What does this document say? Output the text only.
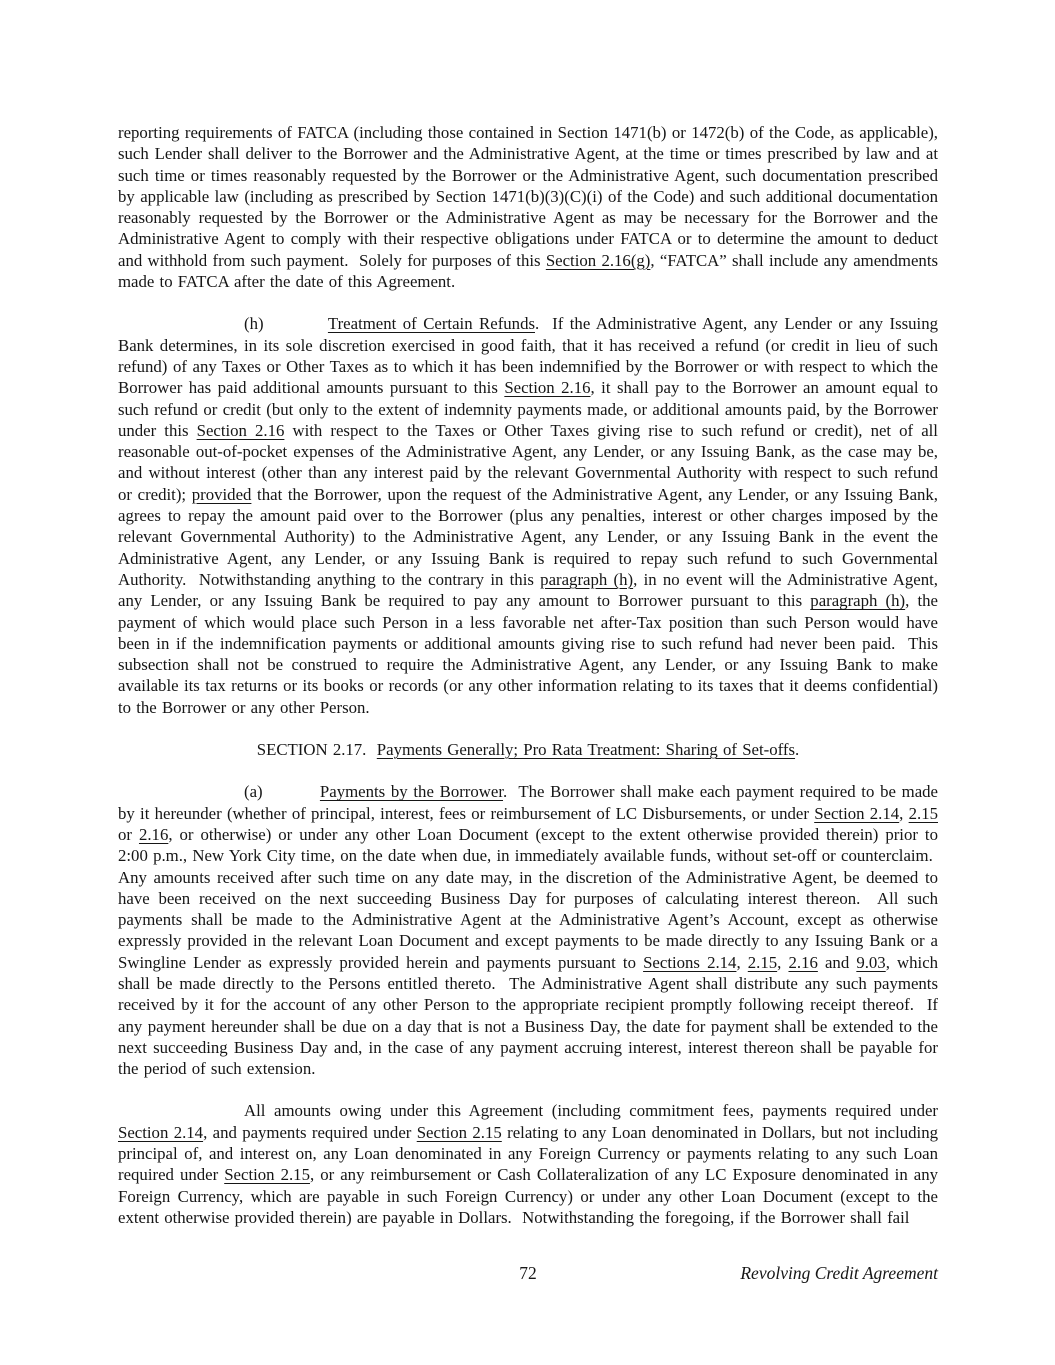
reporting requirements of FATCA (including those contained in Section 1471(b) or 1472(b) of the Code, as applicable), such Lender shall deliver to the Borrower and the Administrative Agent, at the time or times prescribed by law and at such time or times reasonably requested by the Borrower or the Administrative Agent, such documentation prescribed by applicable law (including as prescribed by Section 1471(b)(3)(C)(i) of the Code) and such additional documentation reasonably requested by the Borrower or the Administrative Agent as may be necessary for the Borrower and the Administrative Agent to comply with their respective obligations under FATCA or to determine the amount to deduct and withhold from such payment.  Solely for purposes of this Section 2.16(g), “FATCA” shall include any amendments made to FATCA after the date of this Agreement.

(h)          Treatment of Certain Refunds.  If the Administrative Agent, any Lender or any Issuing Bank determines, in its sole discretion exercised in good faith, that it has received a refund (or credit in lieu of such refund) of any Taxes or Other Taxes as to which it has been indemnified by the Borrower or with respect to which the Borrower has paid additional amounts pursuant to this Section 2.16, it shall pay to the Borrower an amount equal to such refund or credit (but only to the extent of indemnity payments made, or additional amounts paid, by the Borrower under this Section 2.16 with respect to the Taxes or Other Taxes giving rise to such refund or credit), net of all reasonable out-of-pocket expenses of the Administrative Agent, any Lender, or any Issuing Bank, as the case may be, and without interest (other than any interest paid by the relevant Governmental Authority with respect to such refund or credit); provided that the Borrower, upon the request of the Administrative Agent, any Lender, or any Issuing Bank, agrees to repay the amount paid over to the Borrower (plus any penalties, interest or other charges imposed by the relevant Governmental Authority) to the Administrative Agent, any Lender, or any Issuing Bank in the event the Administrative Agent, any Lender, or any Issuing Bank is required to repay such refund to such Governmental Authority.  Notwithstanding anything to the contrary in this paragraph (h), in no event will the Administrative Agent, any Lender, or any Issuing Bank be required to pay any amount to Borrower pursuant to this paragraph (h), the payment of which would place such Person in a less favorable net after-Tax position than such Person would have been in if the indemnification payments or additional amounts giving rise to such refund had never been paid.  This subsection shall not be construed to require the Administrative Agent, any Lender, or any Issuing Bank to make available its tax returns or its books or records (or any other information relating to its taxes that it deems confidential) to the Borrower or any other Person.

SECTION 2.17.  Payments Generally; Pro Rata Treatment: Sharing of Set-offs.

(a)          Payments by the Borrower.  The Borrower shall make each payment required to be made by it hereunder (whether of principal, interest, fees or reimbursement of LC Disbursements, or under Section 2.14, 2.15 or 2.16, or otherwise) or under any other Loan Document (except to the extent otherwise provided therein) prior to 2:00 p.m., New York City time, on the date when due, in immediately available funds, without set-off or counterclaim.  Any amounts received after such time on any date may, in the discretion of the Administrative Agent, be deemed to have been received on the next succeeding Business Day for purposes of calculating interest thereon.  All such payments shall be made to the Administrative Agent at the Administrative Agent’s Account, except as otherwise expressly provided in the relevant Loan Document and except payments to be made directly to any Issuing Bank or a Swingline Lender as expressly provided herein and payments pursuant to Sections 2.14, 2.15, 2.16 and 9.03, which shall be made directly to the Persons entitled thereto.  The Administrative Agent shall distribute any such payments received by it for the account of any other Person to the appropriate recipient promptly following receipt thereof.  If any payment hereunder shall be due on a day that is not a Business Day, the date for payment shall be extended to the next succeeding Business Day and, in the case of any payment accruing interest, interest thereon shall be payable for the period of such extension.

All amounts owing under this Agreement (including commitment fees, payments required under Section 2.14, and payments required under Section 2.15 relating to any Loan denominated in Dollars, but not including principal of, and interest on, any Loan denominated in any Foreign Currency or payments relating to any such Loan required under Section 2.15, or any reimbursement or Cash Collateralization of any LC Exposure denominated in any Foreign Currency, which are payable in such Foreign Currency) or under any other Loan Document (except to the extent otherwise provided therein) are payable in Dollars.  Notwithstanding the foregoing, if the Borrower shall fail

72	Revolving Credit Agreement
